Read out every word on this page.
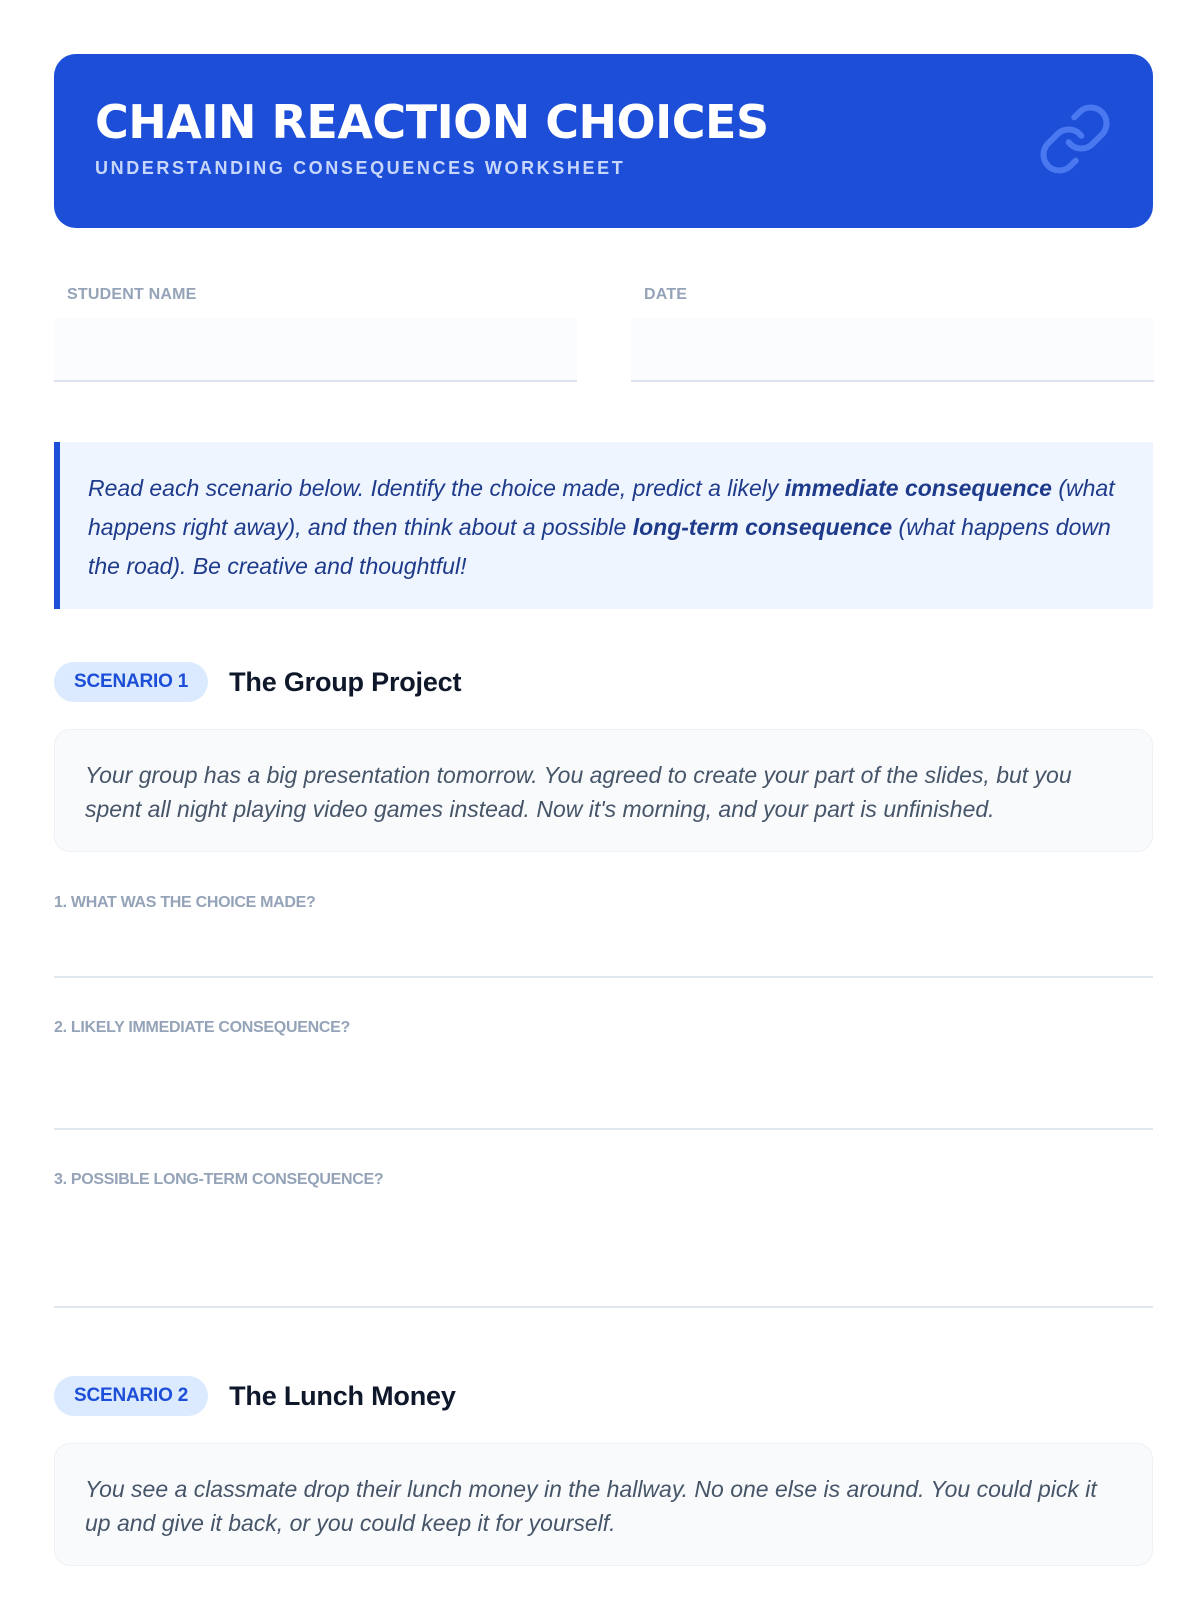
CHAIN REACTION CHOICES
UNDERSTANDING CONSEQUENCES WORKSHEET
STUDENT NAME	DATE
Read each scenario below. Identify the choice made, predict a likely immediate consequence (what happens right away), and then think about a possible long-term consequence (what happens down the road). Be creative and thoughtful!
SCENARIO 1	The Group Project
Your group has a big presentation tomorrow. You agreed to create your part of the slides, but you spent all night playing video games instead. Now it's morning, and your part is unfinished.
1. WHAT WAS THE CHOICE MADE?
2. LIKELY IMMEDIATE CONSEQUENCE?
3. POSSIBLE LONG-TERM CONSEQUENCE?
SCENARIO 2	The Lunch Money
You see a classmate drop their lunch money in the hallway. No one else is around. You could pick it up and give it back, or you could keep it for yourself.
